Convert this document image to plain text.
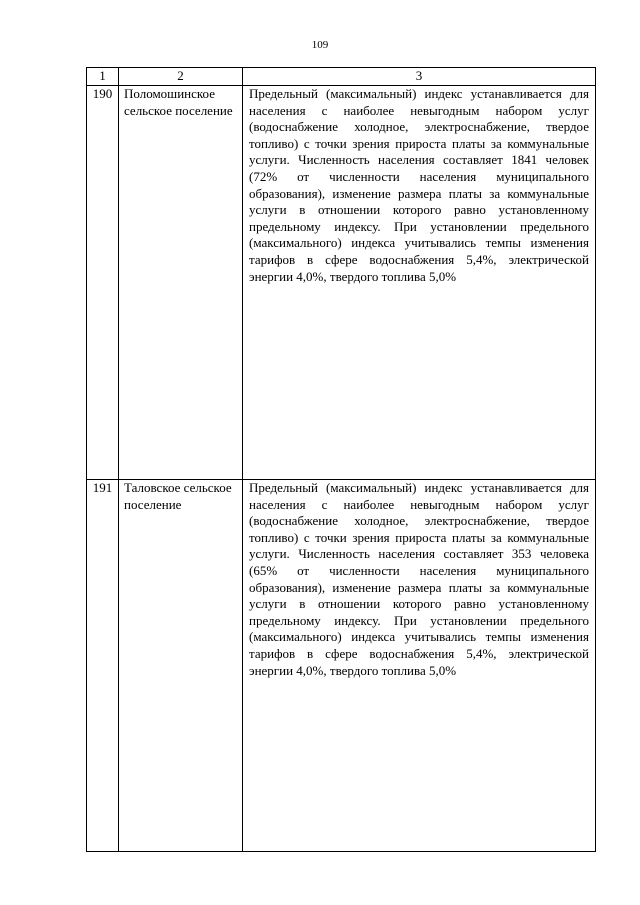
109
1	2	3
190	Поломошинское сельское поселение	Предельный (максимальный) индекс устанавливается для населения с наиболее невыгодным набором услуг (водоснабжение холодное, электроснабжение, твердое топливо) с точки зрения прироста платы за коммунальные услуги. Численность населения составляет 1841 человек (72% от численности населения муниципального образования), изменение размера платы за коммунальные услуги в отношении которого равно установленному предельному индексу. При установлении предельного (максимального) индекса учитывались темпы изменения тарифов в сфере водоснабжения 5,4%, электрической энергии 4,0%, твердого топлива 5,0%
191	Таловское сельское поселение	Предельный (максимальный) индекс устанавливается для населения с наиболее невыгодным набором услуг (водоснабжение холодное, электроснабжение, твердое топливо) с точки зрения прироста платы за коммунальные услуги. Численность населения составляет 353 человека (65% от численности населения муниципального образования), изменение размера платы за коммунальные услуги в отношении которого равно установленному предельному индексу. При установлении предельного (максимального) индекса учитывались темпы изменения тарифов в сфере водоснабжения 5,4%, электрической энергии 4,0%, твердого топлива 5,0%
